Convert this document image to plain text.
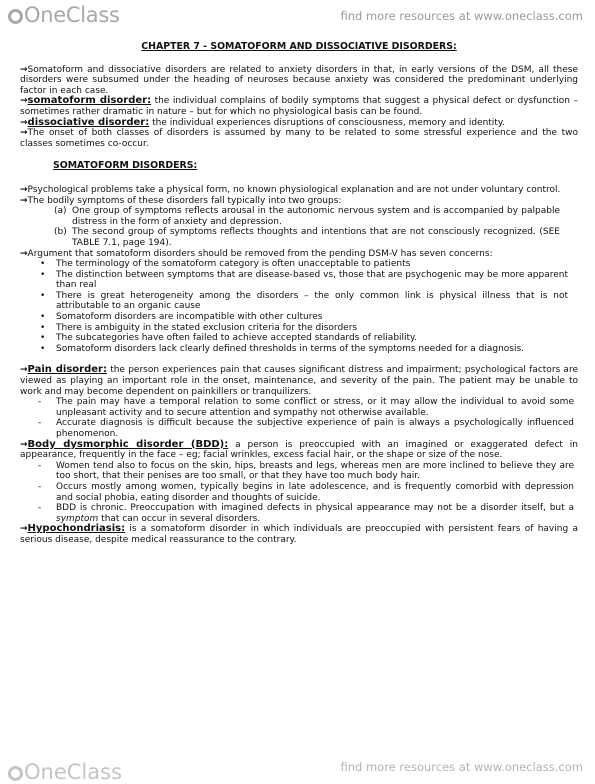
OneClass	find more resources at www.oneclass.com

CHAPTER 7 - SOMATOFORM AND DISSOCIATIVE DISORDERS:

→Somatoform and dissociative disorders are related to anxiety disorders in that, in early versions of the DSM, all these disorders were subsumed under the heading of neuroses because anxiety was considered the predominant underlying factor in each case.

→somatoform disorder: the individual complains of bodily symptoms that suggest a physical defect or dysfunction – sometimes rather dramatic in nature – but for which no physiological basis can be found.

→dissociative disorder: the individual experiences disruptions of consciousness, memory and identity.

→The onset of both classes of disorders is assumed by many to be related to some stressful experience and the two classes sometimes co-occur.

SOMATOFORM DISORDERS:

→Psychological problems take a physical form, no known physiological explanation and are not under voluntary control.

→The bodily symptoms of these disorders fall typically into two groups:

(a) One group of symptoms reflects arousal in the autonomic nervous system and is accompanied by palpable distress in the form of anxiety and depression.
(b) The second group of symptoms reflects thoughts and intentions that are not consciously recognized. (SEE TABLE 7.1, page 194).

→Argument that somatoform disorders should be removed from the pending DSM-V has seven concerns:

• The terminology of the somatoform category is often unacceptable to patients
• The distinction between symptoms that are disease-based vs, those that are psychogenic may be more apparent than real
• There is great heterogeneity among the disorders – the only common link is physical illness that is not attributable to an organic cause
• Somatoform disorders are incompatible with other cultures
• There is ambiguity in the stated exclusion criteria for the disorders
• The subcategories have often failed to achieve accepted standards of reliability.
• Somatoform disorders lack clearly defined thresholds in terms of the symptoms needed for a diagnosis.

→Pain disorder: the person experiences pain that causes significant distress and impairment; psychological factors are viewed as playing an important role in the onset, maintenance, and severity of the pain. The patient may be unable to work and may become dependent on painkillers or tranquilizers.

- The pain may have a temporal relation to some conflict or stress, or it may allow the individual to avoid some unpleasant activity and to secure attention and sympathy not otherwise available.
- Accurate diagnosis is difficult because the subjective experience of pain is always a psychologically influenced phenomenon.

→Body dysmorphic disorder (BDD): a person is preoccupied with an imagined or exaggerated defect in appearance, frequently in the face – eg; facial wrinkles, excess facial hair, or the shape or size of the nose.

- Women tend also to focus on the skin, hips, breasts and legs, whereas men are more inclined to believe they are too short, that their penises are too small, or that they have too much body hair.
- Occurs mostly among women, typically begins in late adolescence, and is frequently comorbid with depression and social phobia, eating disorder and thoughts of suicide.
- BDD is chronic. Preoccupation with imagined defects in physical appearance may not be a disorder itself, but a symptom that can occur in several disorders.

→Hypochondriasis: is a somatoform disorder in which individuals are preoccupied with persistent fears of having a serious disease, despite medical reassurance to the contrary.

OneClass	find more resources at www.oneclass.com
